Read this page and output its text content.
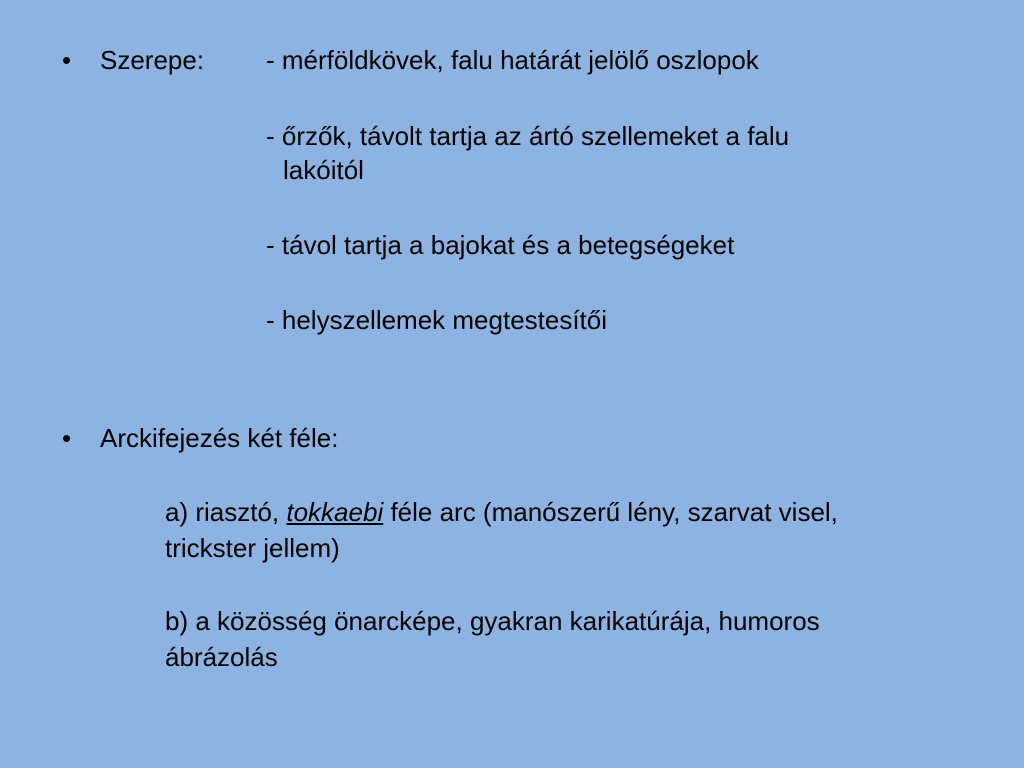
• Szerepe: - mérföldkövek, falu határát jelölő oszlopok
- őrzők, távolt tartja az ártó szellemeket a falu
lakóitól
- távol tartja a bajokat és a betegségeket
- helyszellemek megtestesítői
• Arckifejezés két féle:
a) riasztó, tokkaebi féle arc (manószerű lény, szarvat visel,
trickster jellem)
b) a közösség önarcképe, gyakran karikatúrája, humoros
ábrázolás
